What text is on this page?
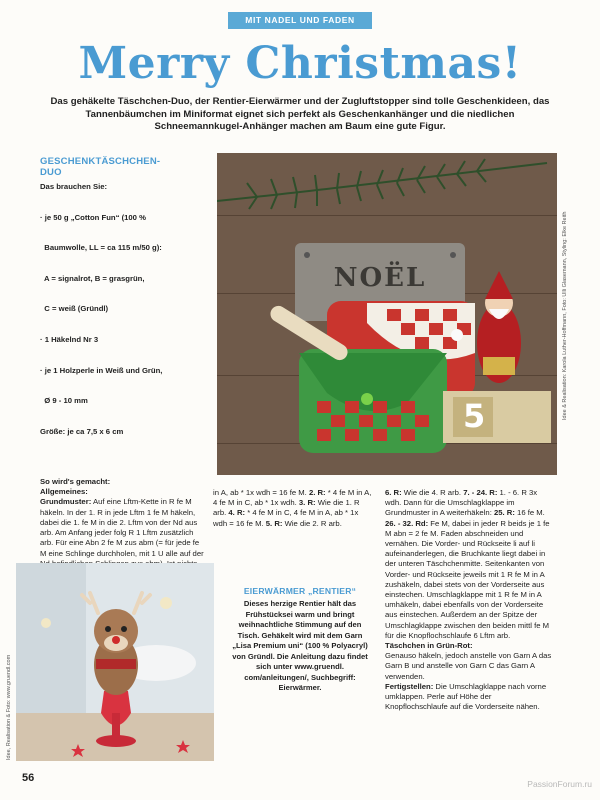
MIT NADEL UND FADEN
Merry Christmas!
Das gehäkelte Täschchen-Duo, der Rentier-Eierwärmer und der Zugluftstopper sind tolle Geschenkideen, das Tannenbäumchen im Miniformat eignet sich perfekt als Geschenkanhänger und die niedlichen Schneemannkugel-Anhänger machen am Baum eine gute Figur.
GESCHENKTÄSCHCHEN-
DUO

Das brauchen Sie:

· je 50 g „Cotton Fun“ (100 %

Baumwolle, LL = ca 115 m/50 g):

A = signalrot, B = grasgrün,

C = weiß (Gründl)

· 1 Häkelnd Nr 3

· je 1 Holzperle in Weiß und Grün,

Ø 9 - 10 mm

Größe: je ca 7,5 x 6 cm

So wird's gemacht:

Allgemeines:

Grundmuster: Auf eine Lftm-Kette in R fe M häkeln. In der 1. R in jede Lftm 1 fe M häkeln, dabei die 1. fe M in die 2. Lftm von der Nd aus arb. Am Anfang jeder folg R 1 Lftm zusätzlich arb. Für eine Abn 2 fe M zus abm (= für jede fe M eine Schlinge durchholen, mit 1 U alle auf der

in A, ab * 1x wdh = 16 fe M. 2. R: * 4 fe M in A, 4 fe M in C, ab * 1x wdh. 3. R: Wie die 1. R arb. 4. R: * 4 fe M in C, 4 fe M in A, ab * 1x wdh = 16 fe M. 5. R: Wie die 2. R arb.

6. R: Wie die 4. R arb. 7. - 24. R: 1. - 6. R 3x wdh. Dann für die Umschlagklappe im Grundmuster in A weiterhäkeln: 25. R: 16 fe M. 26. - 32. Rd: Fe M, dabei in jeder R beids je 1 fe M abn = 2 fe M. Faden abschneiden und vernähen. Die Vorder- und Rückseite li auf li aufeinanderlegen, die Bruchkante liegt dabei in der unteren Täschchenmitte. Seitenkanten von Vorder- und Rückseite jeweils mit 1 R fe M in A zushäkeln, dabei stets von der Vorderseite aus einstechen. Umschlagklappe mit 1 R fe M in A umhäkeln, dabei ebenfalls von der Vorderseite aus einstechen. Außerdem an der Spitze der Umschlagklappe zwischen den beiden mittl fe M für die Knopflochschlaufe 6 Lftm arb.

Täschchen in Grün-Rot:

Genauso häkeln, jedoch anstelle von Garn A das Garn B und anstelle von Garn C das Garn A verwenden.

Fertigstellen: Die Umschlagklappe nach vorne umklappen. Perle auf Höhe der Knopflochschlaufe auf die Vorderseite nähen.

NOËL
5	Idee & Realisation: Karola Luther-Hoffmann, Foto: Ulli Glasemann, Styling: Elke Reith
Idee, Realisation & Foto: www.gruendl.com
EIERWÄRMER „RENTIER“
Dieses herzige Rentier hält das Frühstücksei warm und bringt weihnachtliche Stimmung auf den Tisch. Gehäkelt wird mit dem Garn „Lisa Premium uni“ (100 % Polyacryl) von Gründl. Die Anleitung dazu findet sich unter www.gruendl. com/anleitungen/, Suchbegriff: Eierwärmer.
56	PassionForum.ru
